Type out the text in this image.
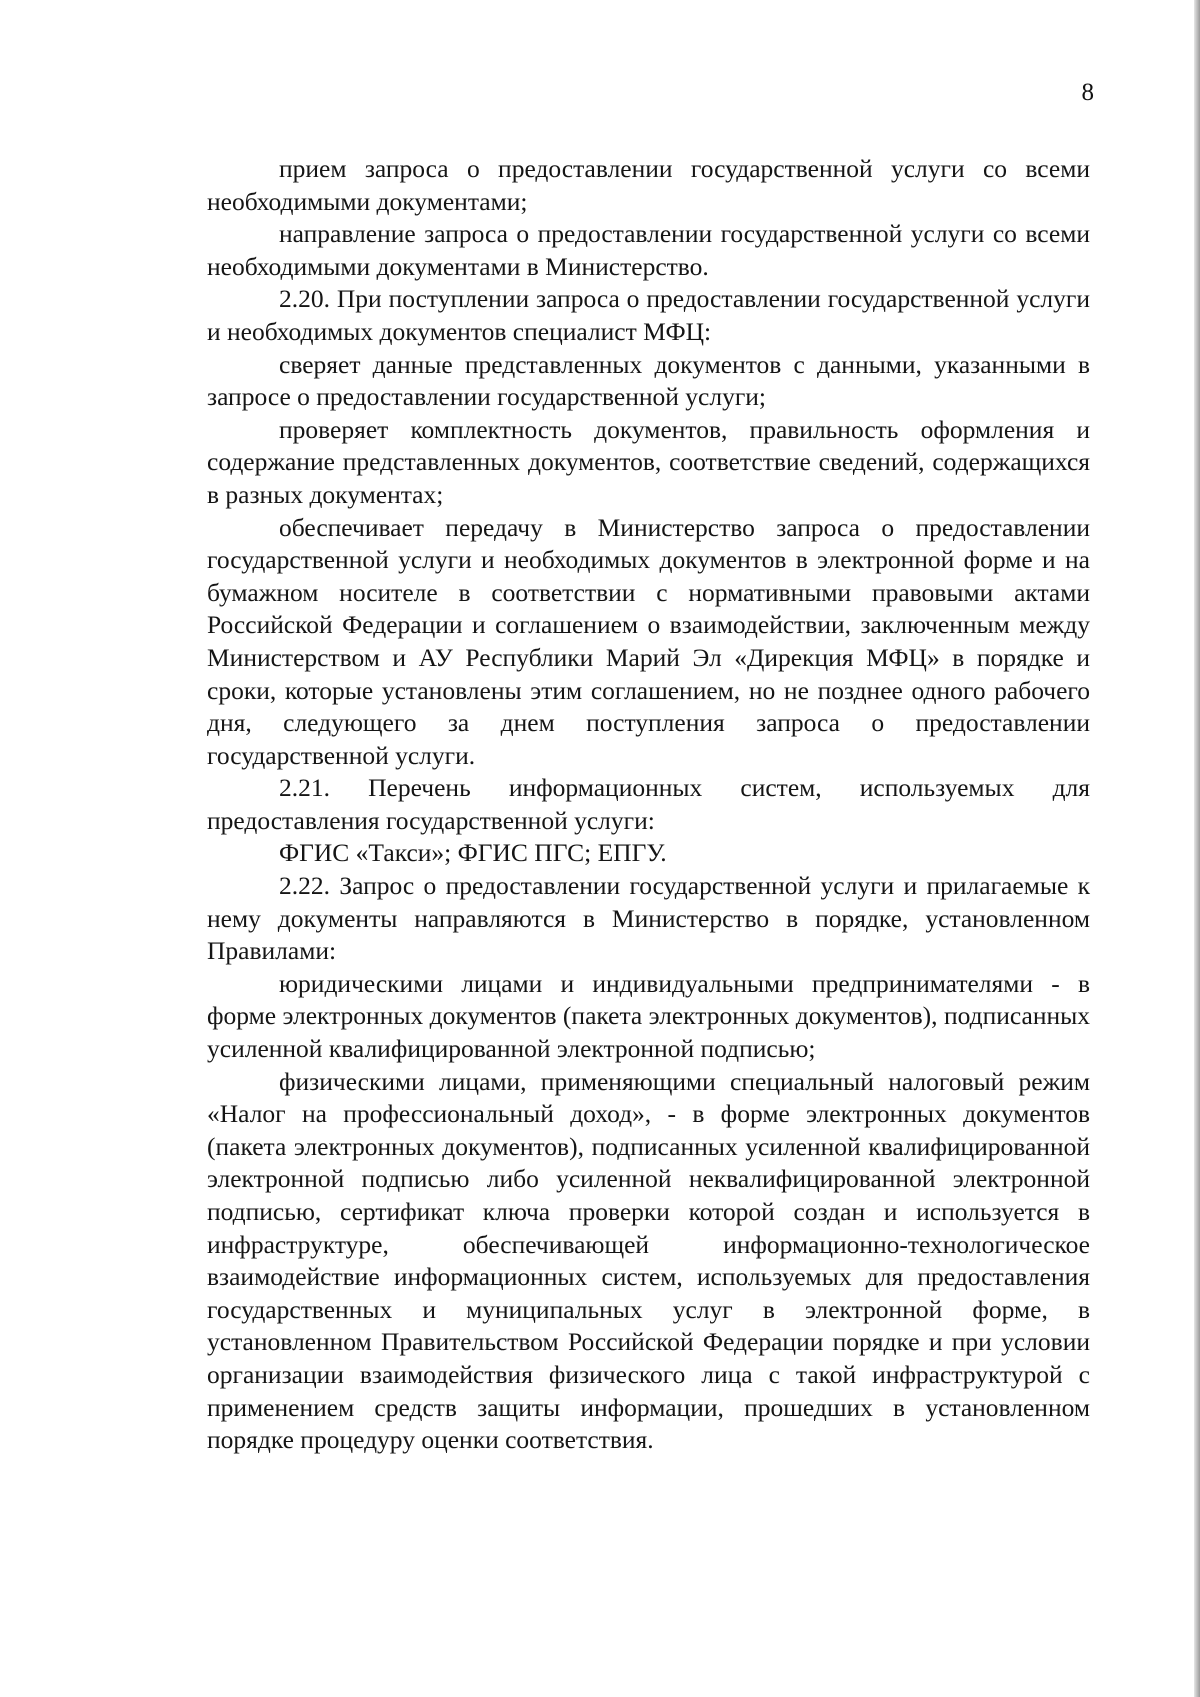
8

прием запроса о предоставлении государственной услуги со всеми необходимыми документами;

направление запроса о предоставлении государственной услуги со всеми необходимыми документами в Министерство.

2.20. При поступлении запроса о предоставлении государственной услуги и необходимых документов специалист МФЦ:

сверяет данные представленных документов с данными, указанными в запросе о предоставлении государственной услуги;

проверяет комплектность документов, правильность оформления и содержание представленных документов, соответствие сведений, содержащихся в разных документах;

обеспечивает передачу в Министерство запроса о предоставлении государственной услуги и необходимых документов в электронной форме и на бумажном носителе в соответствии с нормативными правовыми актами Российской Федерации и соглашением о взаимодействии, заключенным между Министерством и АУ Республики Марий Эл «Дирекция МФЦ» в порядке и сроки, которые установлены этим соглашением, но не позднее одного рабочего дня, следующего за днем поступления запроса о предоставлении государственной услуги.

2.21. Перечень информационных систем, используемых для предоставления государственной услуги:

ФГИС «Такси»; ФГИС ПГС; ЕПГУ.

2.22. Запрос о предоставлении государственной услуги и прилагаемые к нему документы направляются в Министерство в порядке, установленном Правилами:

юридическими лицами и индивидуальными предпринимателями - в форме электронных документов (пакета электронных документов), подписанных усиленной квалифицированной электронной подписью;

физическими лицами, применяющими специальный налоговый режим «Налог на профессиональный доход», - в форме электронных документов (пакета электронных документов), подписанных усиленной квалифицированной электронной подписью либо усиленной неквалифицированной электронной подписью, сертификат ключа проверки которой создан и используется в инфраструктуре, обеспечивающей информационно-технологическое взаимодействие информационных систем, используемых для предоставления государственных и муниципальных услуг в электронной форме, в установленном Правительством Российской Федерации порядке и при условии организации взаимодействия физического лица с такой инфраструктурой с применением средств защиты информации, прошедших в установленном порядке процедуру оценки соответствия.
